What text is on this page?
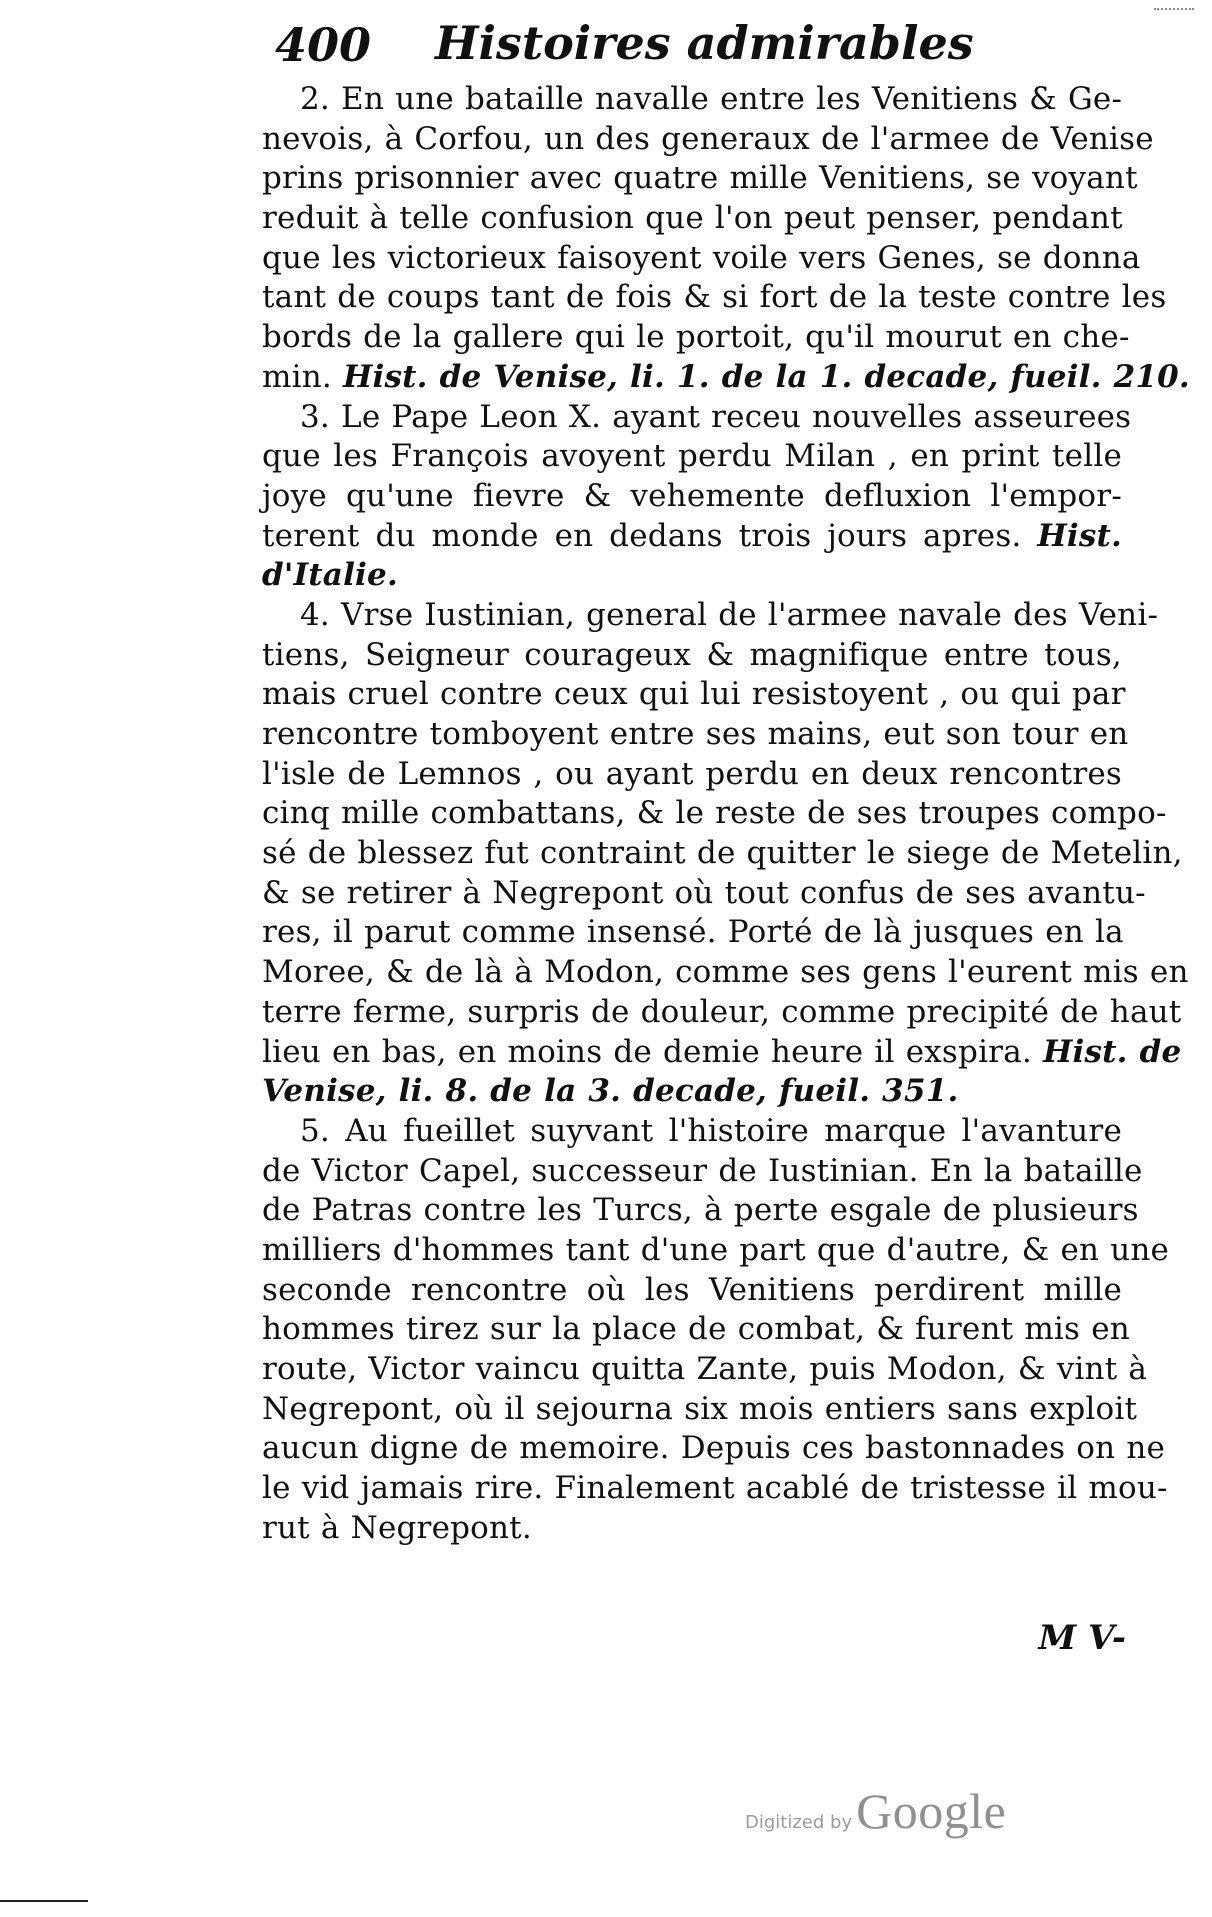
400 Histoires admirables
2. En une bataille navalle entre les Venitiens & Ge-
nevois, à Corfou, un des generaux de l'armee de Venise
prins prisonnier avec quatre mille Venitiens, se voyant
reduit à telle confusion que l'on peut penser, pendant
que les victorieux faisoyent voile vers Genes, se donna
tant de coups tant de fois & si fort de la teste contre les
bords de la gallere qui le portoit, qu'il mourut en che-
min. Hist. de Venise, li. 1. de la 1. decade, fueil. 210.
3. Le Pape Leon X. ayant receu nouvelles asseurees
que les François avoyent perdu Milan , en print telle
joye qu'une fievre & vehemente defluxion l'empor-
terent du monde en dedans trois jours apres. Hist.
d'Italie.
4. Vrse Iustinian, general de l'armee navale des Veni-
tiens, Seigneur courageux & magnifique entre tous,
mais cruel contre ceux qui lui resistoyent , ou qui par
rencontre tomboyent entre ses mains, eut son tour en
l'isle de Lemnos , ou ayant perdu en deux rencontres
cinq mille combattans, & le reste de ses troupes compo-
sé de blessez fut contraint de quitter le siege de Metelin,
& se retirer à Negrepont où tout confus de ses avantu-
res, il parut comme insensé. Porté de là jusques en la
Moree, & de là à Modon, comme ses gens l'eurent mis en
terre ferme, surpris de douleur, comme precipité de haut
lieu en bas, en moins de demie heure il exspira. Hist. de
Venise, li. 8. de la 3. decade, fueil. 351.
5. Au fueillet suyvant l'histoire marque l'avanture
de Victor Capel, successeur de Iustinian. En la bataille
de Patras contre les Turcs, à perte esgale de plusieurs
milliers d'hommes tant d'une part que d'autre, & en une
seconde rencontre où les Venitiens perdirent mille
hommes tirez sur la place de combat, & furent mis en
route, Victor vaincu quitta Zante, puis Modon, & vint à
Negrepont, où il sejourna six mois entiers sans exploit
aucun digne de memoire. Depuis ces bastonnades on ne
le vid jamais rire. Finalement acablé de tristesse il mou-
rut à Negrepont.
M V-
Digitized byGoogle
